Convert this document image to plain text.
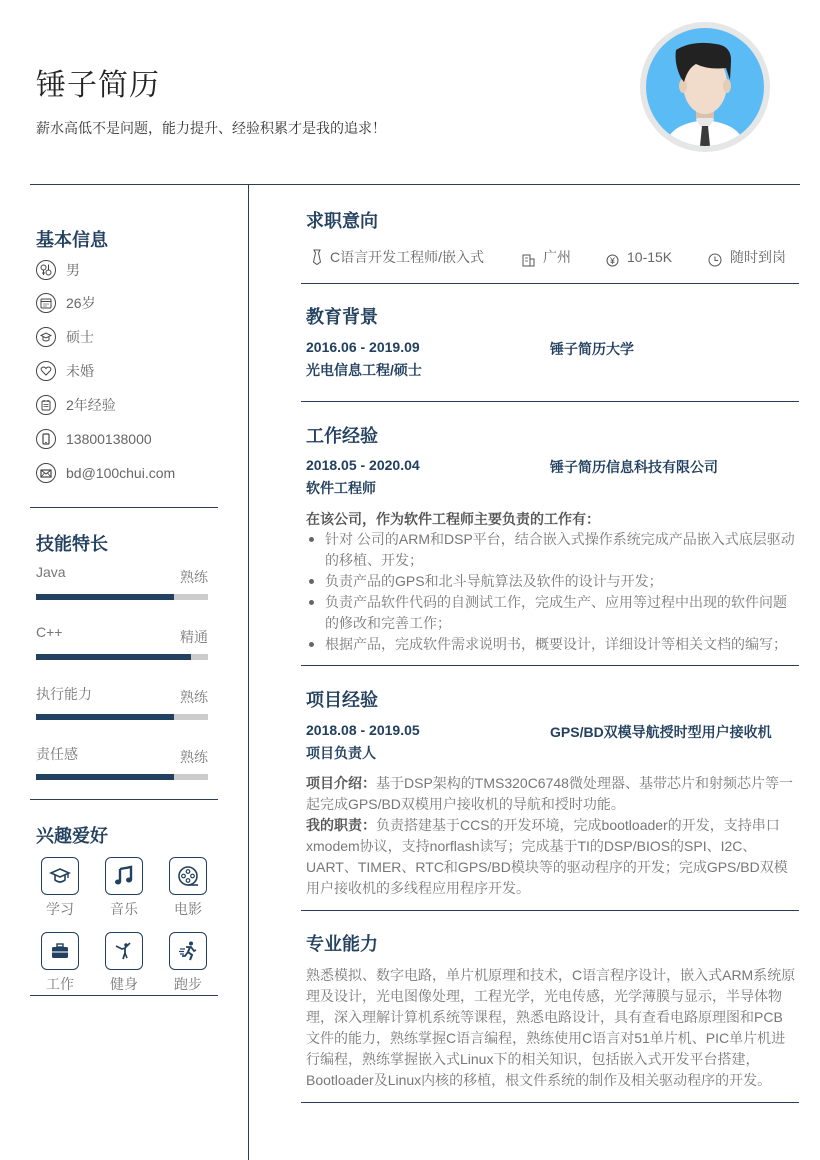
锤子简历

薪水高低不是问题，能力提升、经验积累才是我的追求！

基本信息
男
26岁
硕士
未婚
2年经验
13800138000
bd@100chui.com
技能特长
Java	熟练
C++	精通
执行能力	熟练
责任感	熟练
兴趣爱好
学习	音乐	电影
工作	健身	跑步
求职意向
C语言开发工程师/嵌入式	广州	10-15K	随时到岗
教育背景
2016.06 - 2019.09	锤子简历大学
光电信息工程/硕士
工作经验
2018.05 - 2020.04	锤子简历信息科技有限公司
软件工程师
在该公司，作为软件工程师主要负责的工作有：
针对 公司的ARM和DSP平台，结合嵌入式操作系统完成产品嵌入式底层驱动的移植、开发；
负责产品的GPS和北斗导航算法及软件的设计与开发；
负责产品软件代码的自测试工作，完成生产、应用等过程中出现的软件问题的修改和完善工作；
根据产品，完成软件需求说明书，概要设计，详细设计等相关文档的编写；
项目经验
2018.08 - 2019.05	GPS/BD双模导航授时型用户接收机
项目负责人
项目介绍：基于DSP架构的TMS320C6748微处理器、基带芯片和射频芯片等一起完成GPS/BD双模用户接收机的导航和授时功能。
我的职责：负责搭建基于CCS的开发环境，完成bootloader的开发，支持串口xmodem协议，支持norflash读写；完成基于TI的DSP/BIOS的SPI、I2C、UART、TIMER、RTC和GPS/BD模块等的驱动程序的开发；完成GPS/BD双模用户接收机的多线程应用程序开发。
专业能力
熟悉模拟、数字电路，单片机原理和技术，C语言程序设计，嵌入式ARM系统原理及设计，光电图像处理，工程光学，光电传感，光学薄膜与显示，半导体物理，深入理解计算机系统等课程，熟悉电路设计，具有查看电路原理图和PCB文件的能力，熟练掌握C语言编程，熟练使用C语言对51单片机、PIC单片机进行编程，熟练掌握嵌入式Linux下的相关知识，包括嵌入式开发平台搭建，Bootloader及Linux内核的移植，根文件系统的制作及相关驱动程序的开发。
